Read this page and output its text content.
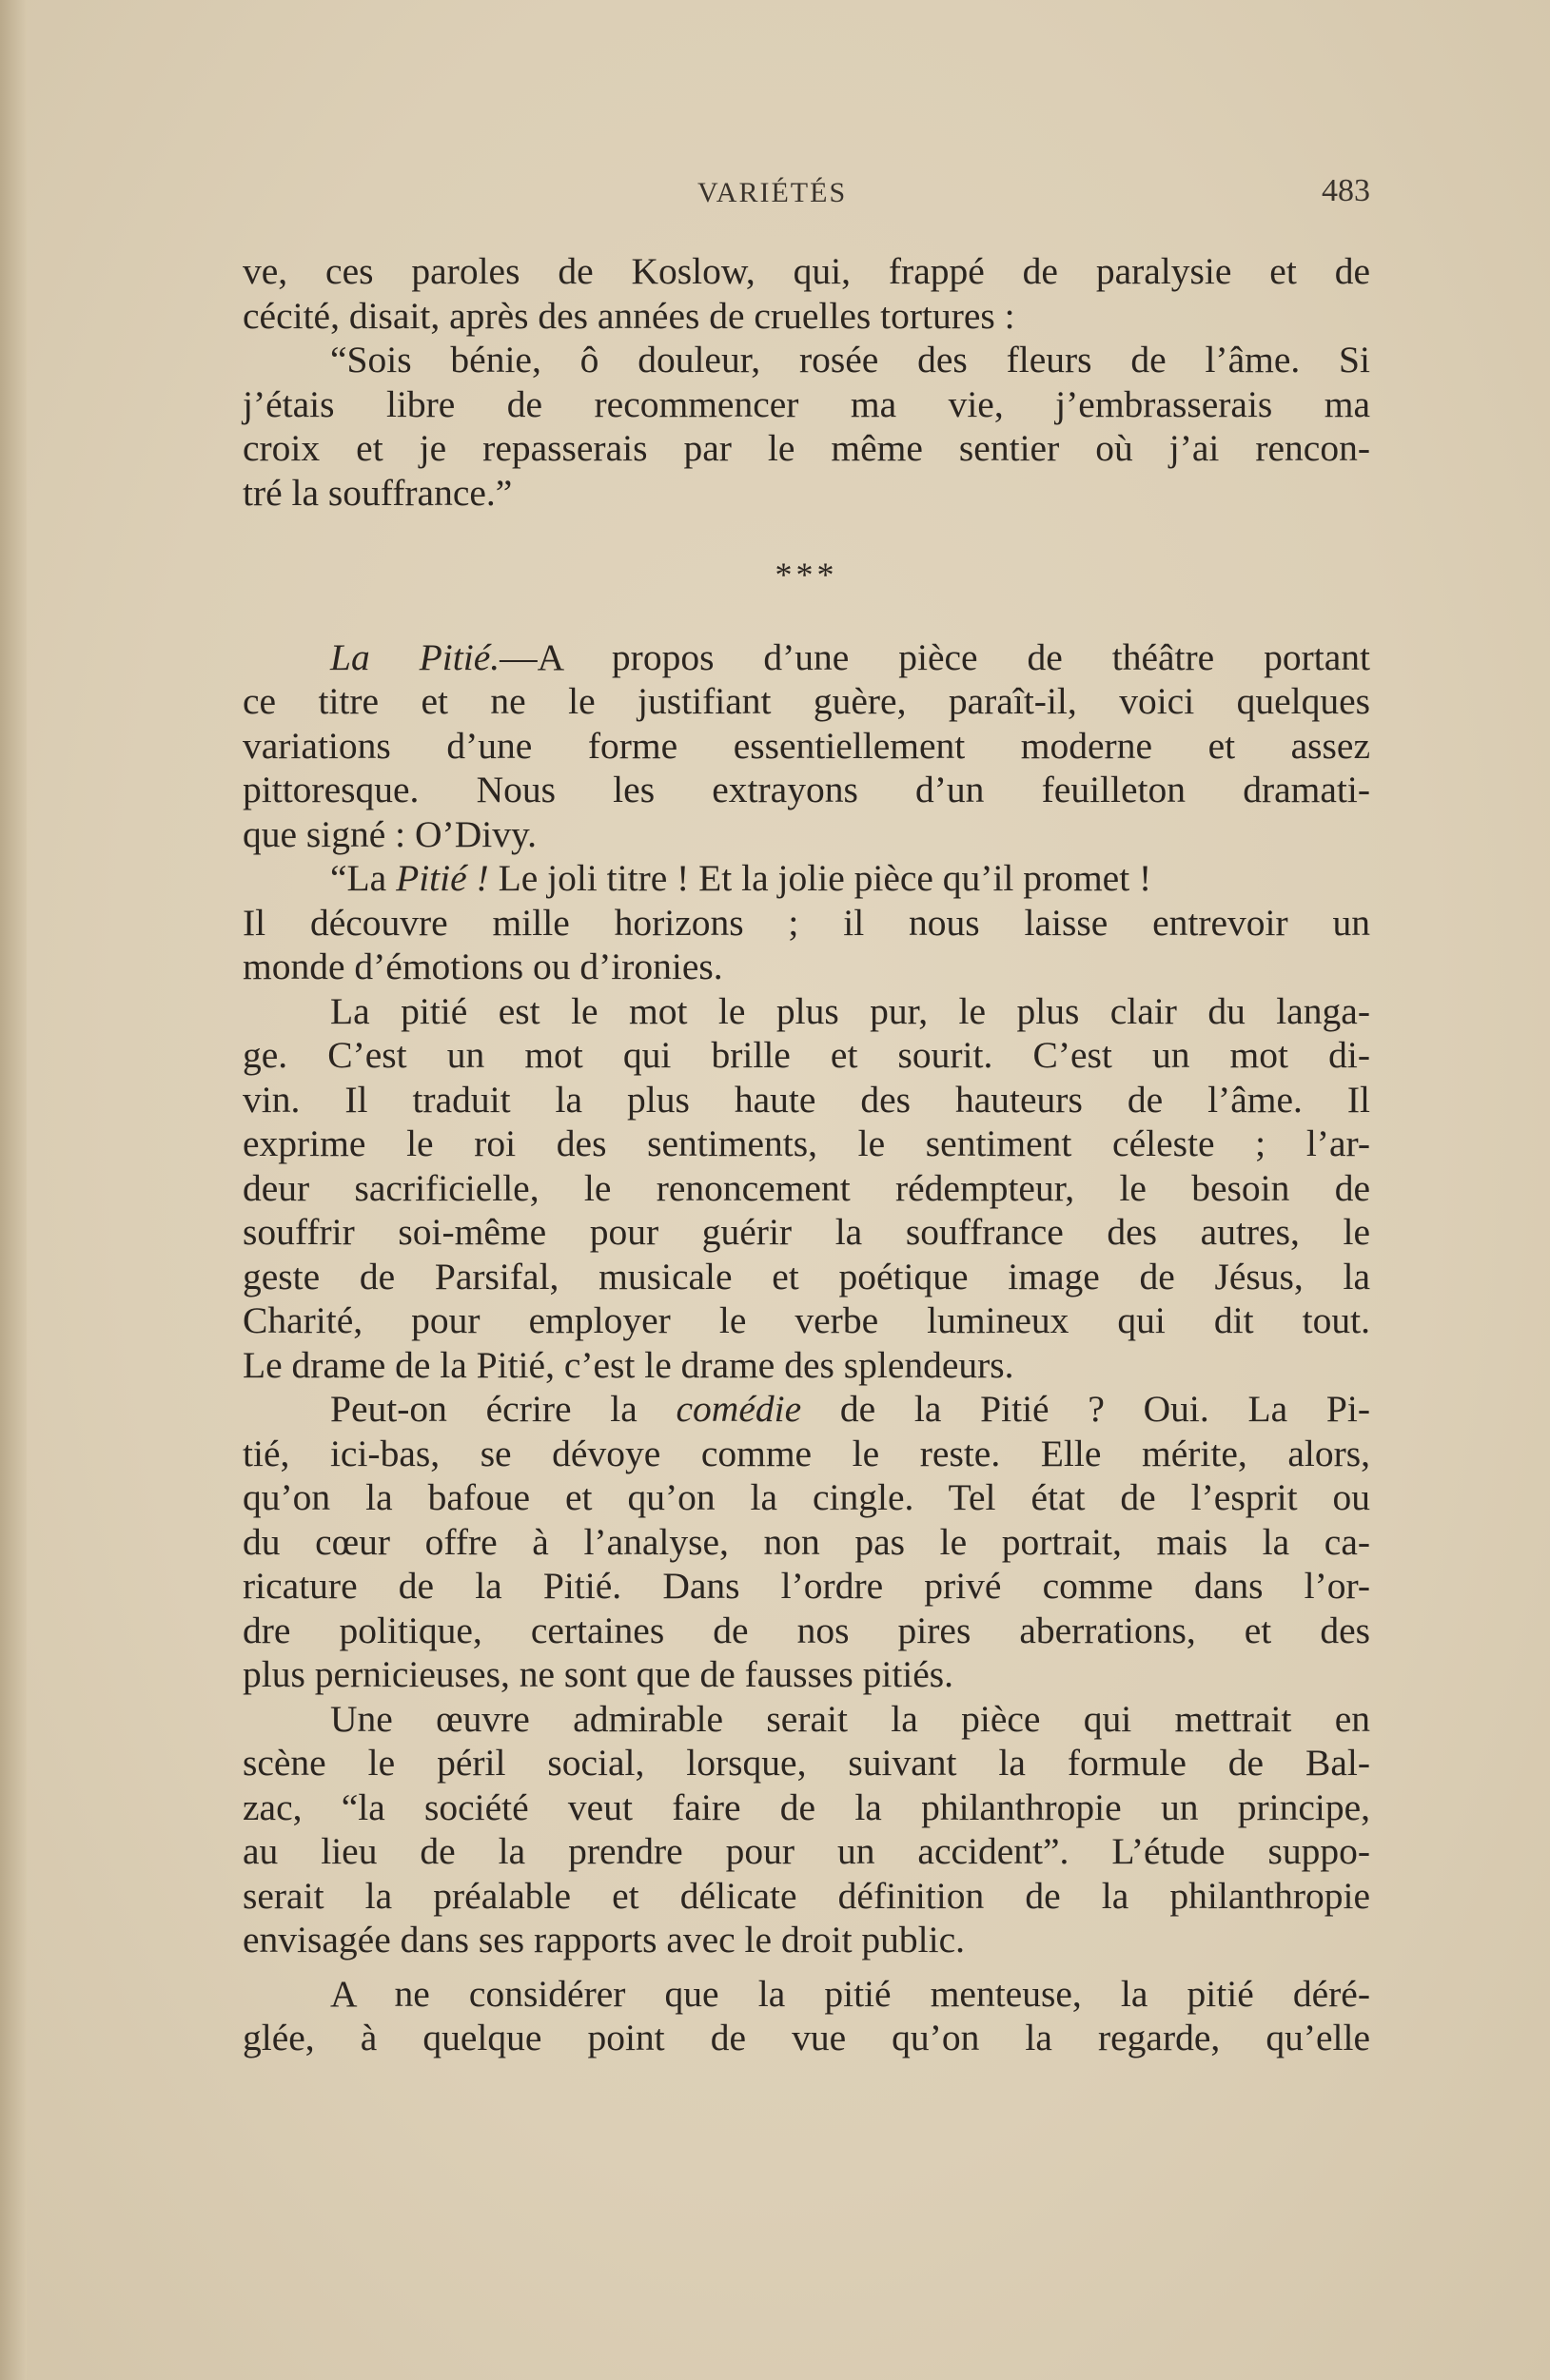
VARIÉTÉS	483
ve, ces paroles de Koslow, qui, frappé de paralysie et de
cécité, disait, après des années de cruelles tortures :
“Sois bénie, ô douleur, rosée des fleurs de l’âme. Si
j’étais libre de recommencer ma vie, j’embrasserais ma
croix et je repasserais par le même sentier où j’ai rencon-
tré la souffrance.”
***
La Pitié.—A propos d’une pièce de théâtre portant
ce titre et ne le justifiant guère, paraît-il, voici quelques
variations d’une forme essentiellement moderne et assez
pittoresque. Nous les extrayons d’un feuilleton dramati-
que signé : O’Divy.
“La Pitié ! Le joli titre ! Et la jolie pièce qu’il promet !
Il découvre mille horizons ; il nous laisse entrevoir un
monde d’émotions ou d’ironies.
La pitié est le mot le plus pur, le plus clair du langa-
ge. C’est un mot qui brille et sourit. C’est un mot di-
vin. Il traduit la plus haute des hauteurs de l’âme. Il
exprime le roi des sentiments, le sentiment céleste ; l’ar-
deur sacrificielle, le renoncement rédempteur, le besoin de
souffrir soi-même pour guérir la souffrance des autres, le
geste de Parsifal, musicale et poétique image de Jésus, la
Charité, pour employer le verbe lumineux qui dit tout.
Le drame de la Pitié, c’est le drame des splendeurs.
Peut-on écrire la comédie de la Pitié ? Oui. La Pi-
tié, ici-bas, se dévoye comme le reste. Elle mérite, alors,
qu’on la bafoue et qu’on la cingle. Tel état de l’esprit ou
du cœur offre à l’analyse, non pas le portrait, mais la ca-
ricature de la Pitié. Dans l’ordre privé comme dans l’or-
dre politique, certaines de nos pires aberrations, et des
plus pernicieuses, ne sont que de fausses pitiés.
Une œuvre admirable serait la pièce qui mettrait en
scène le péril social, lorsque, suivant la formule de Bal-
zac, “la société veut faire de la philanthropie un principe,
au lieu de la prendre pour un accident”. L’étude suppo-
serait la préalable et délicate définition de la philanthropie
envisagée dans ses rapports avec le droit public.
A ne considérer que la pitié menteuse, la pitié déré-
glée, à quelque point de vue qu’on la regarde, qu’elle
